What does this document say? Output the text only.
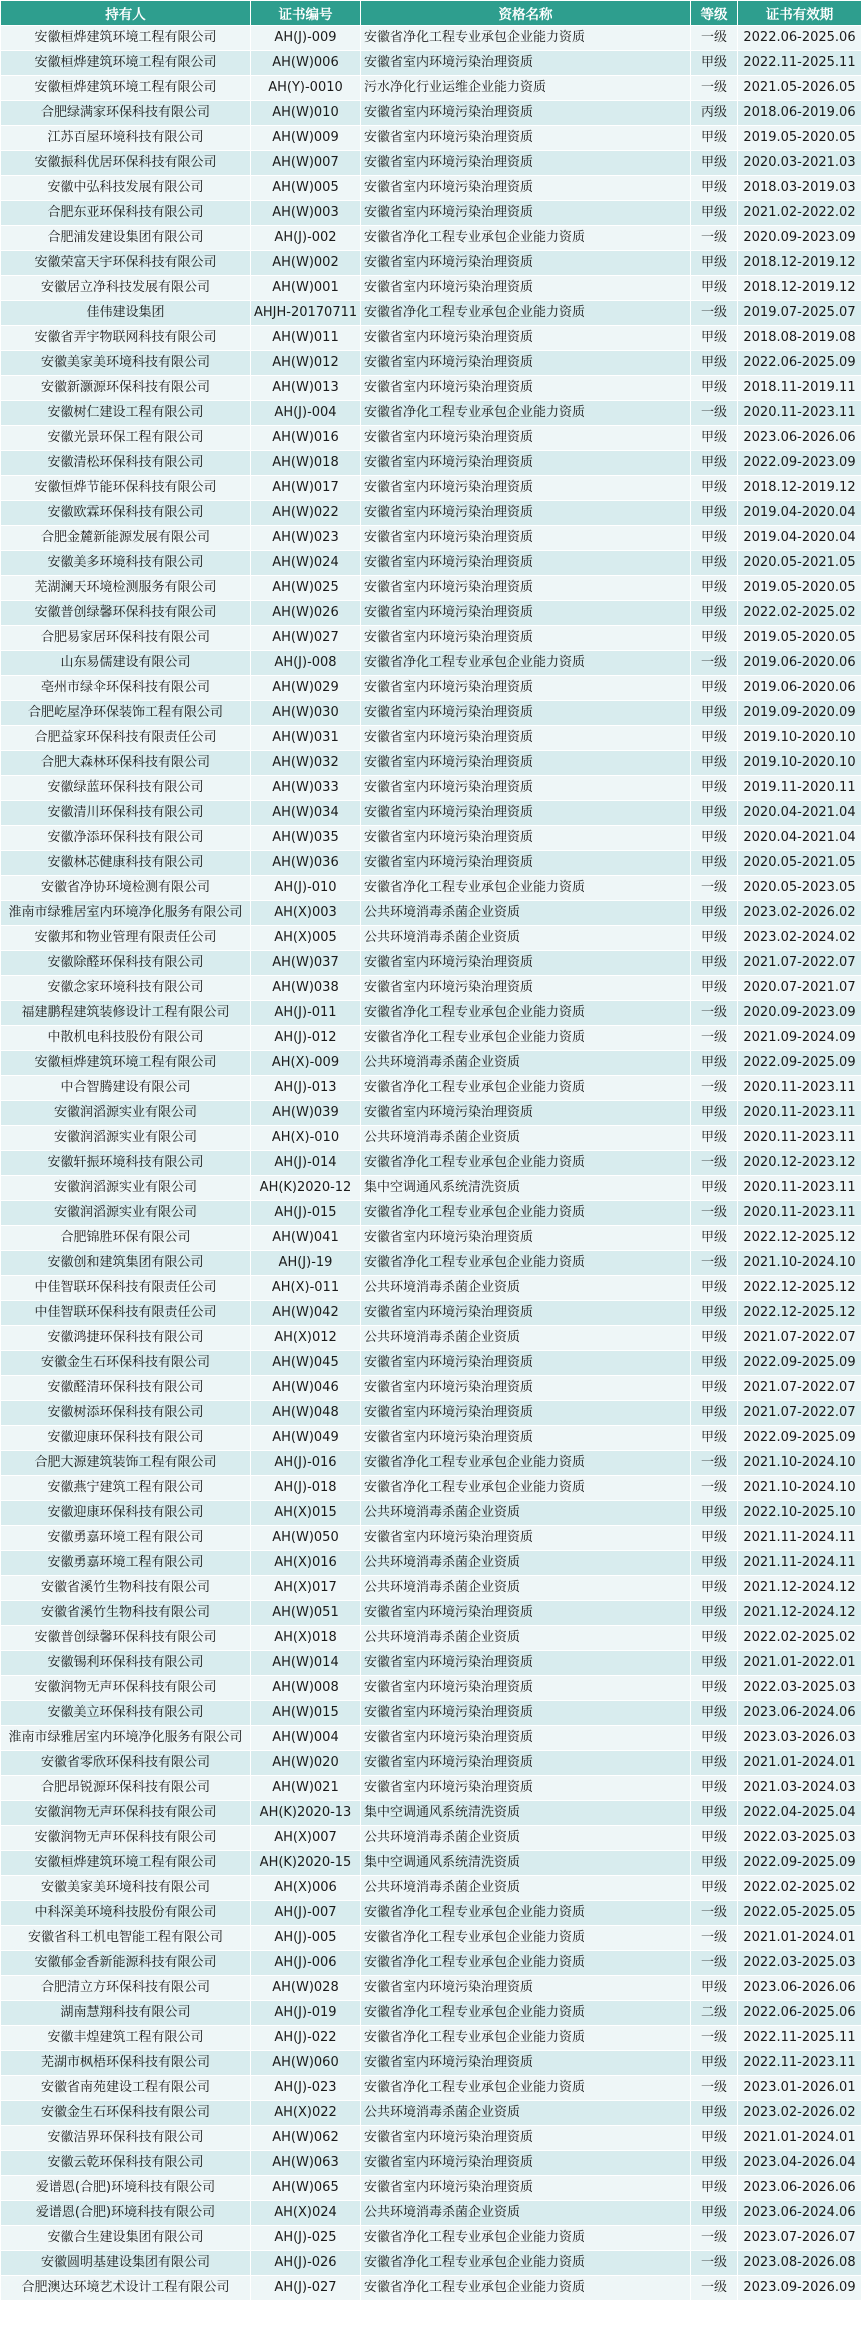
持有人	证书编号	资格名称	等级	证书有效期
安徽桓烨建筑环境工程有限公司	AH(J)-009	安徽省净化工程专业承包企业能力资质	一级	2022.06-2025.06
安徽桓烨建筑环境工程有限公司	AH(W)006	安徽省室内环境污染治理资质	甲级	2022.11-2025.11
安徽桓烨建筑环境工程有限公司	AH(Y)-0010	污水净化行业运维企业能力资质	一级	2021.05-2026.05
合肥绿满家环保科技有限公司	AH(W)010	安徽省室内环境污染治理资质	丙级	2018.06-2019.06
江苏百屋环境科技有限公司	AH(W)009	安徽省室内环境污染治理资质	甲级	2019.05-2020.05
安徽振科优居环保科技有限公司	AH(W)007	安徽省室内环境污染治理资质	甲级	2020.03-2021.03
安徽中弘科技发展有限公司	AH(W)005	安徽省室内环境污染治理资质	甲级	2018.03-2019.03
合肥东亚环保科技有限公司	AH(W)003	安徽省室内环境污染治理资质	甲级	2021.02-2022.02
合肥浦发建设集团有限公司	AH(J)-002	安徽省净化工程专业承包企业能力资质	一级	2020.09-2023.09
安徽荣富天宇环保科技有限公司	AH(W)002	安徽省室内环境污染治理资质	甲级	2018.12-2019.12
安徽居立净科技发展有限公司	AH(W)001	安徽省室内环境污染治理资质	甲级	2018.12-2019.12
佳伟建设集团	AHJH-20170711	安徽省净化工程专业承包企业能力资质	一级	2019.07-2025.07
安徽省弄宇物联网科技有限公司	AH(W)011	安徽省室内环境污染治理资质	甲级	2018.08-2019.08
安徽美家美环境科技有限公司	AH(W)012	安徽省室内环境污染治理资质	甲级	2022.06-2025.09
安徽新灏源环保科技有限公司	AH(W)013	安徽省室内环境污染治理资质	甲级	2018.11-2019.11
安徽树仁建设工程有限公司	AH(J)-004	安徽省净化工程专业承包企业能力资质	一级	2020.11-2023.11
安徽光景环保工程有限公司	AH(W)016	安徽省室内环境污染治理资质	甲级	2023.06-2026.06
安徽清松环保科技有限公司	AH(W)018	安徽省室内环境污染治理资质	甲级	2022.09-2023.09
安徽恒烨节能环保科技有限公司	AH(W)017	安徽省室内环境污染治理资质	甲级	2018.12-2019.12
安徽欧霖环保科技有限公司	AH(W)022	安徽省室内环境污染治理资质	甲级	2019.04-2020.04
合肥金麓新能源发展有限公司	AH(W)023	安徽省室内环境污染治理资质	甲级	2019.04-2020.04
安徽美多环境科技有限公司	AH(W)024	安徽省室内环境污染治理资质	甲级	2020.05-2021.05
芜湖澜天环境检测服务有限公司	AH(W)025	安徽省室内环境污染治理资质	甲级	2019.05-2020.05
安徽普创绿馨环保科技有限公司	AH(W)026	安徽省室内环境污染治理资质	甲级	2022.02-2025.02
合肥易家居环保科技有限公司	AH(W)027	安徽省室内环境污染治理资质	甲级	2019.05-2020.05
山东易儒建设有限公司	AH(J)-008	安徽省净化工程专业承包企业能力资质	一级	2019.06-2020.06
亳州市绿伞环保科技有限公司	AH(W)029	安徽省室内环境污染治理资质	甲级	2019.06-2020.06
合肥屹屋净环保装饰工程有限公司	AH(W)030	安徽省室内环境污染治理资质	甲级	2019.09-2020.09
合肥益家环保科技有限责任公司	AH(W)031	安徽省室内环境污染治理资质	甲级	2019.10-2020.10
合肥大森林环保科技有限公司	AH(W)032	安徽省室内环境污染治理资质	甲级	2019.10-2020.10
安徽绿蓝环保科技有限公司	AH(W)033	安徽省室内环境污染治理资质	甲级	2019.11-2020.11
安徽清川环保科技有限公司	AH(W)034	安徽省室内环境污染治理资质	甲级	2020.04-2021.04
安徽净添环保科技有限公司	AH(W)035	安徽省室内环境污染治理资质	甲级	2020.04-2021.04
安徽林芯健康科技有限公司	AH(W)036	安徽省室内环境污染治理资质	甲级	2020.05-2021.05
安徽省净协环境检测有限公司	AH(J)-010	安徽省净化工程专业承包企业能力资质	一级	2020.05-2023.05
淮南市绿雅居室内环境净化服务有限公司	AH(X)003	公共环境消毒杀菌企业资质	甲级	2023.02-2026.02
安徽邦和物业管理有限责任公司	AH(X)005	公共环境消毒杀菌企业资质	甲级	2023.02-2024.02
安徽除醛环保科技有限公司	AH(W)037	安徽省室内环境污染治理资质	甲级	2021.07-2022.07
安徽念家环境科技有限公司	AH(W)038	安徽省室内环境污染治理资质	甲级	2020.07-2021.07
福建鹏程建筑装修设计工程有限公司	AH(J)-011	安徽省净化工程专业承包企业能力资质	一级	2020.09-2023.09
中散机电科技股份有限公司	AH(J)-012	安徽省净化工程专业承包企业能力资质	一级	2021.09-2024.09
安徽桓烨建筑环境工程有限公司	AH(X)-009	公共环境消毒杀菌企业资质	甲级	2022.09-2025.09
中合智腾建设有限公司	AH(J)-013	安徽省净化工程专业承包企业能力资质	一级	2020.11-2023.11
安徽润滔源实业有限公司	AH(W)039	安徽省室内环境污染治理资质	甲级	2020.11-2023.11
安徽润滔源实业有限公司	AH(X)-010	公共环境消毒杀菌企业资质	甲级	2020.11-2023.11
安徽轩振环境科技有限公司	AH(J)-014	安徽省净化工程专业承包企业能力资质	一级	2020.12-2023.12
安徽润滔源实业有限公司	AH(K)2020-12	集中空调通风系统清洗资质	甲级	2020.11-2023.11
安徽润滔源实业有限公司	AH(J)-015	安徽省净化工程专业承包企业能力资质	一级	2020.11-2023.11
合肥锦胜环保有限公司	AH(W)041	安徽省室内环境污染治理资质	甲级	2022.12-2025.12
安徽创和建筑集团有限公司	AH(J)-19	安徽省净化工程专业承包企业能力资质	一级	2021.10-2024.10
中佳智联环保科技有限责任公司	AH(X)-011	公共环境消毒杀菌企业资质	甲级	2022.12-2025.12
中佳智联环保科技有限责任公司	AH(W)042	安徽省室内环境污染治理资质	甲级	2022.12-2025.12
安徽鸿捷环保科技有限公司	AH(X)012	公共环境消毒杀菌企业资质	甲级	2021.07-2022.07
安徽金生石环保科技有限公司	AH(W)045	安徽省室内环境污染治理资质	甲级	2022.09-2025.09
安徽醛清环保科技有限公司	AH(W)046	安徽省室内环境污染治理资质	甲级	2021.07-2022.07
安徽树添环保科技有限公司	AH(W)048	安徽省室内环境污染治理资质	甲级	2021.07-2022.07
安徽迎康环保科技有限公司	AH(W)049	安徽省室内环境污染治理资质	甲级	2022.09-2025.09
合肥大源建筑装饰工程有限公司	AH(J)-016	安徽省净化工程专业承包企业能力资质	一级	2021.10-2024.10
安徽燕宁建筑工程有限公司	AH(J)-018	安徽省净化工程专业承包企业能力资质	一级	2021.10-2024.10
安徽迎康环保科技有限公司	AH(X)015	公共环境消毒杀菌企业资质	甲级	2022.10-2025.10
安徽勇嘉环境工程有限公司	AH(W)050	安徽省室内环境污染治理资质	甲级	2021.11-2024.11
安徽勇嘉环境工程有限公司	AH(X)016	公共环境消毒杀菌企业资质	甲级	2021.11-2024.11
安徽省溪竹生物科技有限公司	AH(X)017	公共环境消毒杀菌企业资质	甲级	2021.12-2024.12
安徽省溪竹生物科技有限公司	AH(W)051	安徽省室内环境污染治理资质	甲级	2021.12-2024.12
安徽普创绿馨环保科技有限公司	AH(X)018	公共环境消毒杀菌企业资质	甲级	2022.02-2025.02
安徽锡利环保科技有限公司	AH(W)014	安徽省室内环境污染治理资质	甲级	2021.01-2022.01
安徽润物无声环保科技有限公司	AH(W)008	安徽省室内环境污染治理资质	甲级	2022.03-2025.03
安徽美立环保科技有限公司	AH(W)015	安徽省室内环境污染治理资质	甲级	2023.06-2024.06
淮南市绿雅居室内环境净化服务有限公司	AH(W)004	安徽省室内环境污染治理资质	甲级	2023.03-2026.03
安徽省零欣环保科技有限公司	AH(W)020	安徽省室内环境污染治理资质	甲级	2021.01-2024.01
合肥昂锐源环保科技有限公司	AH(W)021	安徽省室内环境污染治理资质	甲级	2021.03-2024.03
安徽润物无声环保科技有限公司	AH(K)2020-13	集中空调通风系统清洗资质	甲级	2022.04-2025.04
安徽润物无声环保科技有限公司	AH(X)007	公共环境消毒杀菌企业资质	甲级	2022.03-2025.03
安徽桓烨建筑环境工程有限公司	AH(K)2020-15	集中空调通风系统清洗资质	甲级	2022.09-2025.09
安徽美家美环境科技有限公司	AH(X)006	公共环境消毒杀菌企业资质	甲级	2022.02-2025.02
中科深美环境科技股份有限公司	AH(J)-007	安徽省净化工程专业承包企业能力资质	一级	2022.05-2025.05
安徽省科工机电智能工程有限公司	AH(J)-005	安徽省净化工程专业承包企业能力资质	一级	2021.01-2024.01
安徽郁金香新能源科技有限公司	AH(J)-006	安徽省净化工程专业承包企业能力资质	一级	2022.03-2025.03
合肥清立方环保科技有限公司	AH(W)028	安徽省室内环境污染治理资质	甲级	2023.06-2026.06
湖南慧翔科技有限公司	AH(J)-019	安徽省净化工程专业承包企业能力资质	二级	2022.06-2025.06
安徽丰煌建筑工程有限公司	AH(J)-022	安徽省净化工程专业承包企业能力资质	一级	2022.11-2025.11
芜湖市枫梧环保科技有限公司	AH(W)060	安徽省室内环境污染治理资质	甲级	2022.11-2023.11
安徽省南苑建设工程有限公司	AH(J)-023	安徽省净化工程专业承包企业能力资质	一级	2023.01-2026.01
安徽金生石环保科技有限公司	AH(X)022	公共环境消毒杀菌企业资质	甲级	2023.02-2026.02
安徽洁界环保科技有限公司	AH(W)062	安徽省室内环境污染治理资质	甲级	2021.01-2024.01
安徽云乾环保科技有限公司	AH(W)063	安徽省室内环境污染治理资质	甲级	2023.04-2026.04
爱谱恩(合肥)环境科技有限公司	AH(W)065	安徽省室内环境污染治理资质	甲级	2023.06-2026.06
爱谱恩(合肥)环境科技有限公司	AH(X)024	公共环境消毒杀菌企业资质	甲级	2023.06-2024.06
安徽合生建设集团有限公司	AH(J)-025	安徽省净化工程专业承包企业能力资质	一级	2023.07-2026.07
安徽圆明基建设集团有限公司	AH(J)-026	安徽省净化工程专业承包企业能力资质	一级	2023.08-2026.08
合肥澳达环境艺术设计工程有限公司	AH(J)-027	安徽省净化工程专业承包企业能力资质	一级	2023.09-2026.09
